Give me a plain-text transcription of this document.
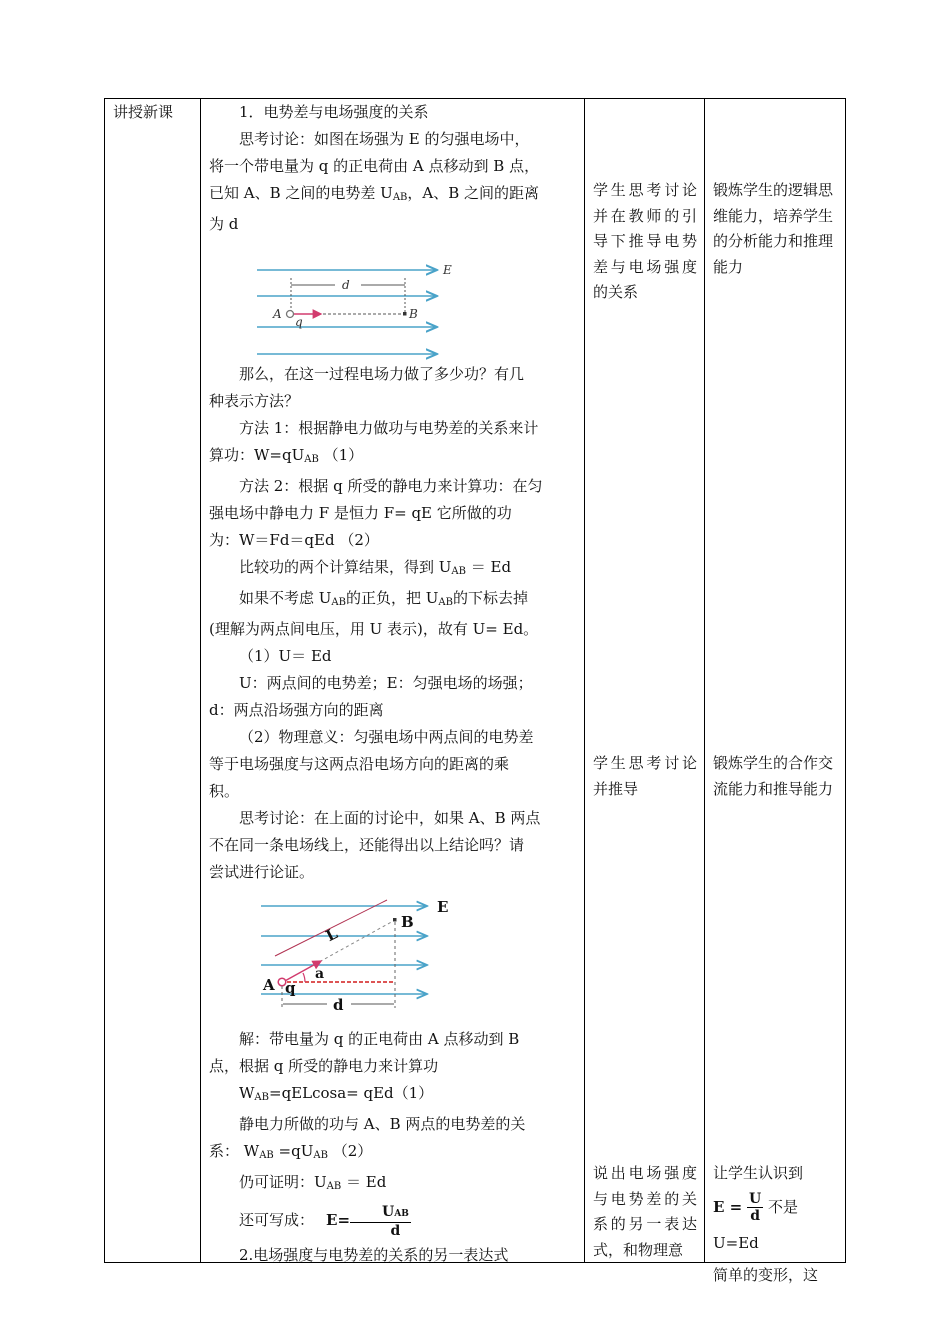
讲授新课	1．电势差与电场强度的关系

思考讨论：如图在场强为 E 的匀强电场中，

将一个带电量为 q 的正电荷由 A 点移动到 B 点，

已知 A、B 之间的电势差 $U_{AB}$，A、B 之间的距离

为 d

E
d
A
q
B

那么，在这一过程电场力做了多少功？有几

种表示方法？

方法 1：根据静电力做功与电势差的关系来计

算功：$W=qU_{AB}$ （1）

方法 2：根据 q 所受的静电力来计算功：在匀

强电场中静电力 F 是恒力 F= qE 它所做的功

为：W＝Fd＝qEd （2）

比较功的两个计算结果，得到 $U_{AB} = Ed$

如果不考虑 $U_{AB}$的正负，把 $U_{AB}$的下标去掉

(理解为两点间电压，用 U 表示)，故有 U= Ed。

（1）U＝ Ed

U：两点间的电势差；E：匀强电场的场强；

d：两点沿场强方向的距离

（2）物理意义：匀强电场中两点间的电势差

等于电场强度与这两点沿电场方向的距离的乘

积。

思考讨论：在上面的讨论中，如果 A、B 两点

不在同一条电场线上，还能得出以上结论吗？请

尝试进行论证。

E
L
B
a
A q
d

解：带电量为 q 的正电荷由 A 点移动到 B

点，根据 q 所受的静电力来计算功

$W_{AB}=qELcosa= qEd(1)$

静电力所做的功与 A、B 两点的电势差的关

系： $W_{AB} =qU_{AB}$ （2）

仍可证明：$U_{AB} = Ed$

还可写成： $E= \frac{\text{UAB}}{d}$

2.电场强度与电势差的关系的另一表达式

学生思考讨论并在教师的引导下推导电势差与电场强度的关系
学生思考讨论并推导
说出电场强度与电势差的关系的另一表达式，和物理意
锻炼学生的逻辑思维能力，培养学生的分析能力和推理能力
锻炼学生的合作交流能力和推导能力
让学生认识到
$E = \frac{U}{d}$ 不是 U=Ed
简单的变形，这
